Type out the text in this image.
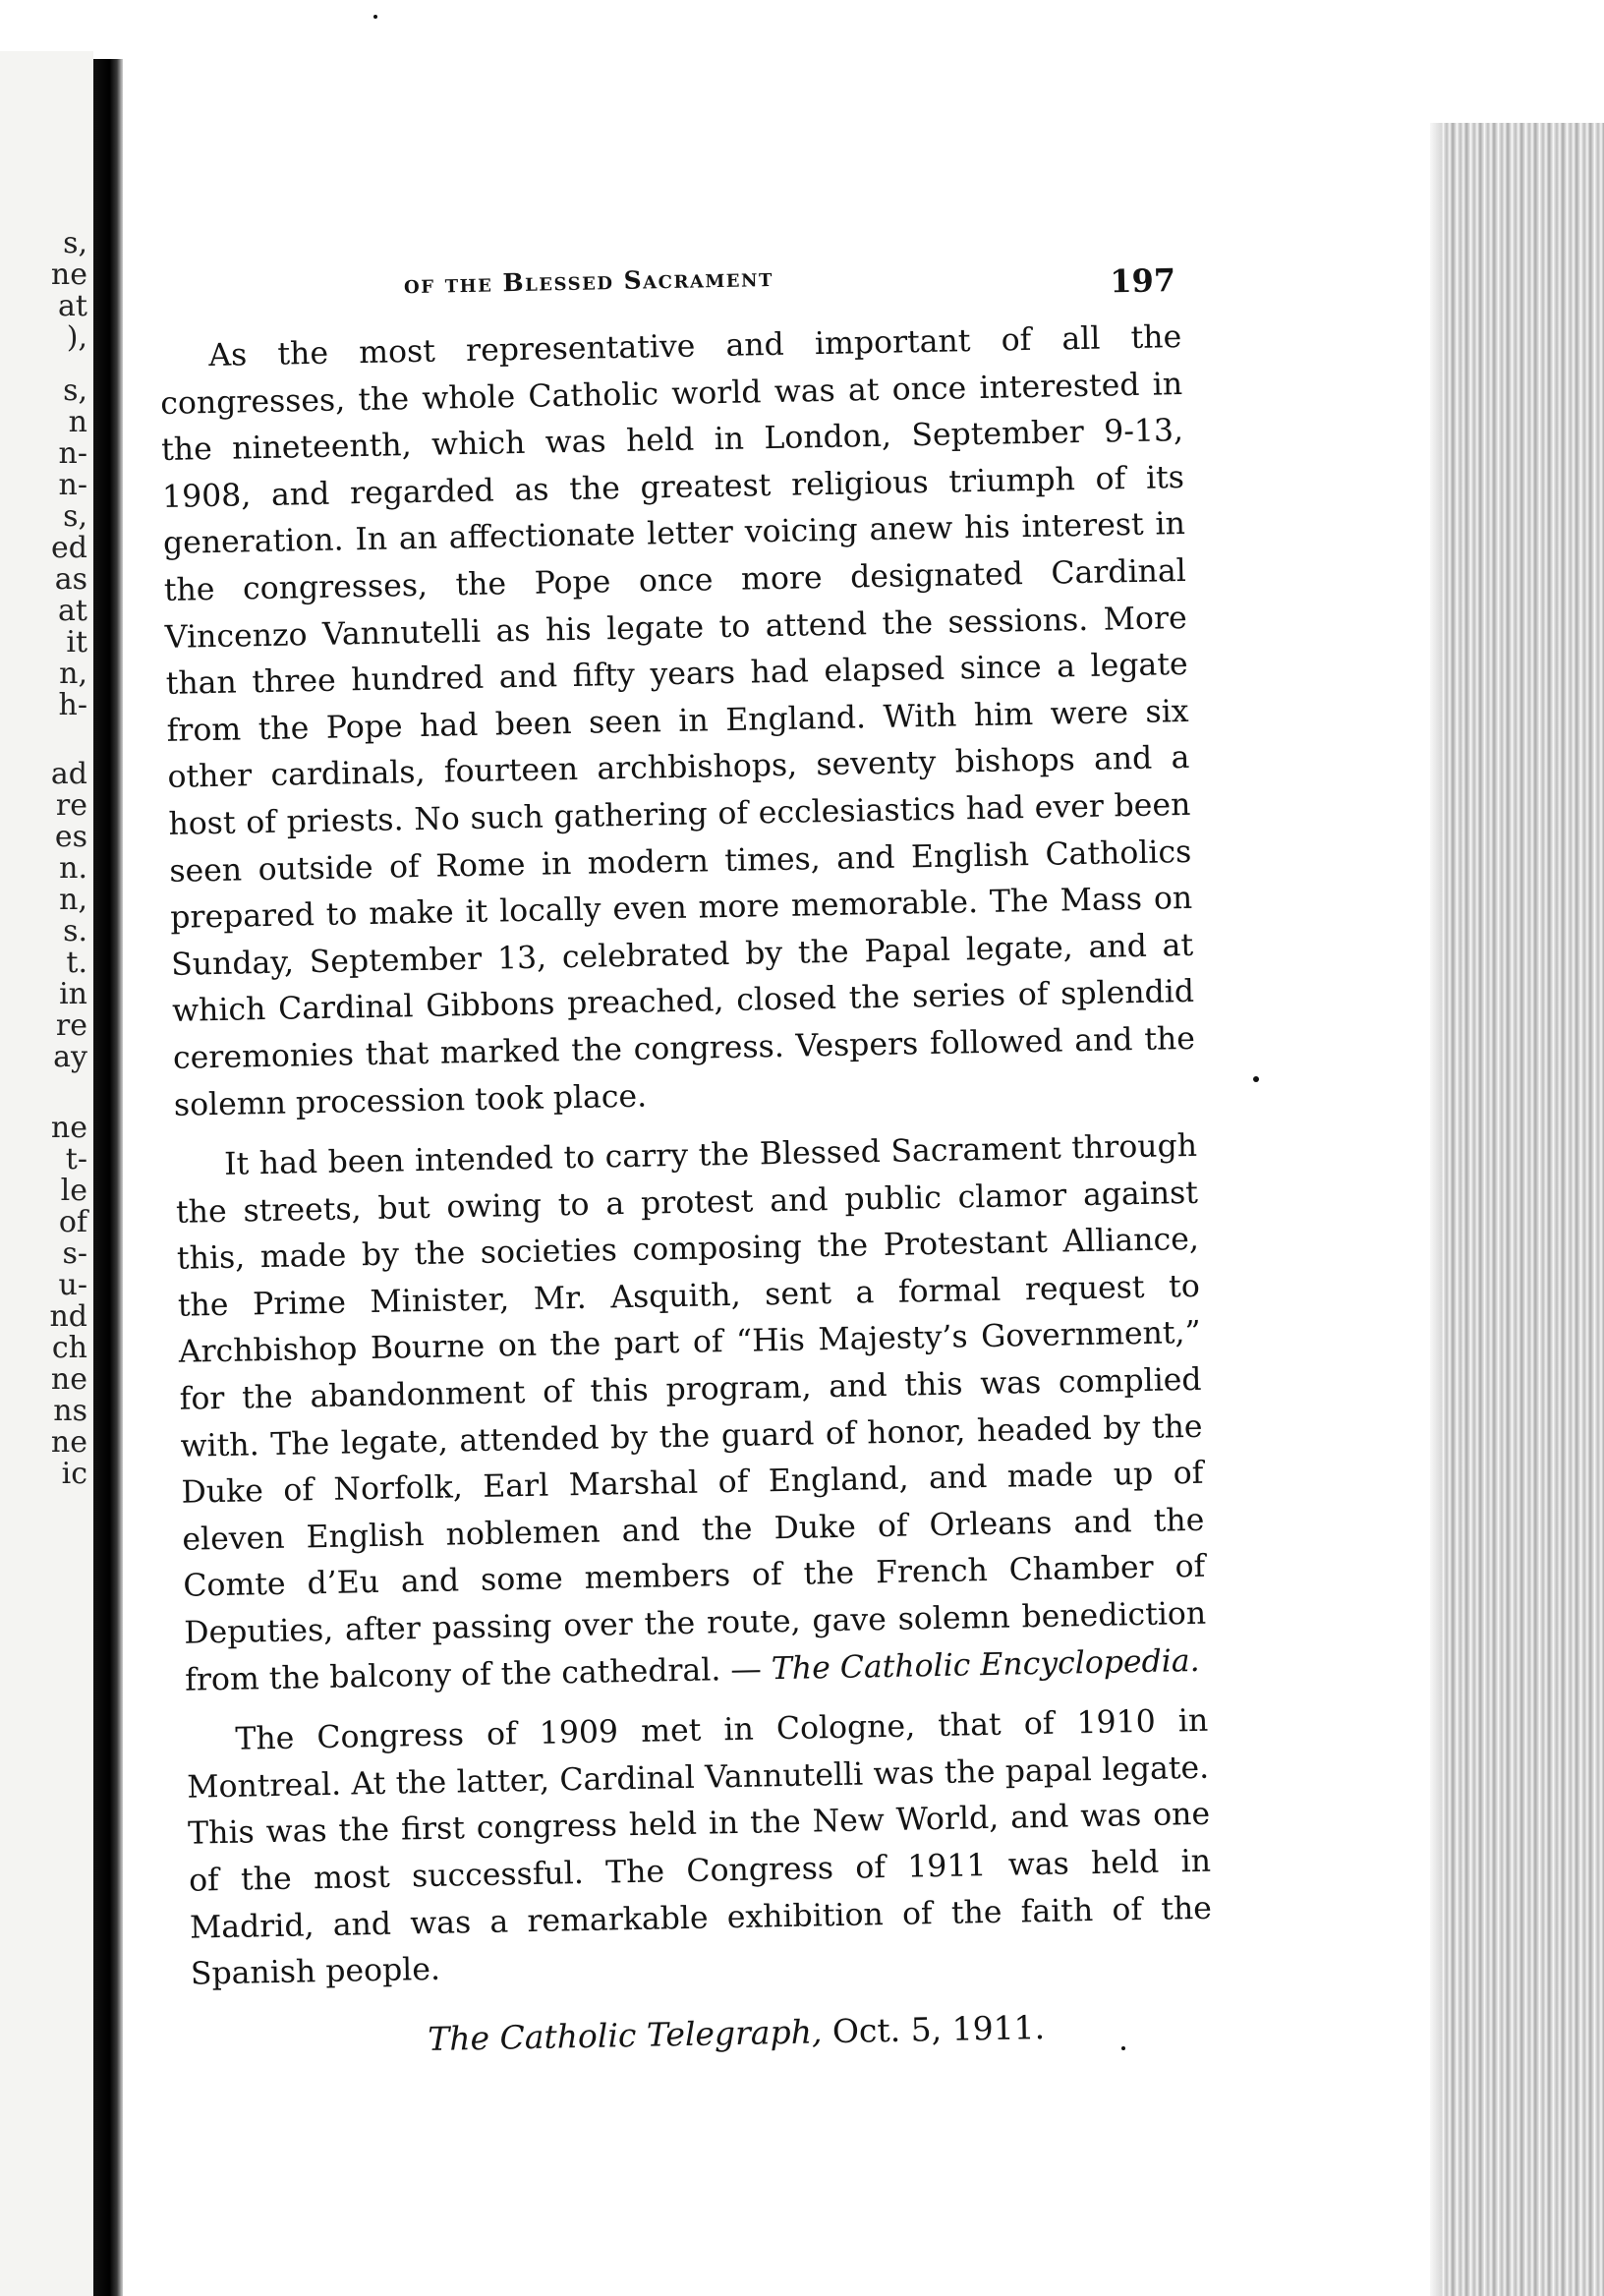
s,
ne
at
),
s,
n
n-
n-
s,
ed
as
at
it
n,
h-
ad
re
es
n.
n,
s.
t.
in
re
ay
ne
t-
le
of
s-
u-
nd
ch
ne
ns
ne
ic
of the Blessed Sacrament	197

As the most representative and important of all the congresses, the whole Catholic world was at once interested in the nineteenth, which was held in London, September 9-13, 1908, and regarded as the greatest religious triumph of its generation. In an affectionate letter voicing anew his interest in the congresses, the Pope once more designated Cardinal Vincenzo Vannutelli as his legate to attend the sessions. More than three hundred and fifty years had elapsed since a legate from the Pope had been seen in England. With him were six other cardinals, fourteen archbishops, seventy bishops and a host of priests. No such gathering of ecclesiastics had ever been seen outside of Rome in modern times, and English Catholics prepared to make it locally even more memorable. The Mass on Sunday, September 13, celebrated by the Papal legate, and at which Cardinal Gibbons preached, closed the series of splendid ceremonies that marked the congress. Vespers followed and the solemn procession took place.

It had been intended to carry the Blessed Sacrament through the streets, but owing to a protest and public clamor against this, made by the societies composing the Protestant Alliance, the Prime Minister, Mr. Asquith, sent a formal request to Archbishop Bourne on the part of “His Majesty’s Government,” for the abandonment of this program, and this was complied with. The legate, attended by the guard of honor, headed by the Duke of Norfolk, Earl Marshal of England, and made up of eleven English noblemen and the Duke of Orleans and the Comte d’Eu and some members of the French Chamber of Deputies, after passing over the route, gave solemn benediction from the balcony of the cathedral. — The Catholic Encyclopedia.

The Congress of 1909 met in Cologne, that of 1910 in Montreal. At the latter, Cardinal Vannutelli was the papal legate. This was the first congress held in the New World, and was one of the most successful. The Congress of 1911 was held in Madrid, and was a remarkable exhibition of the faith of the Spanish people.

The Catholic Telegraph, Oct. 5, 1911.
